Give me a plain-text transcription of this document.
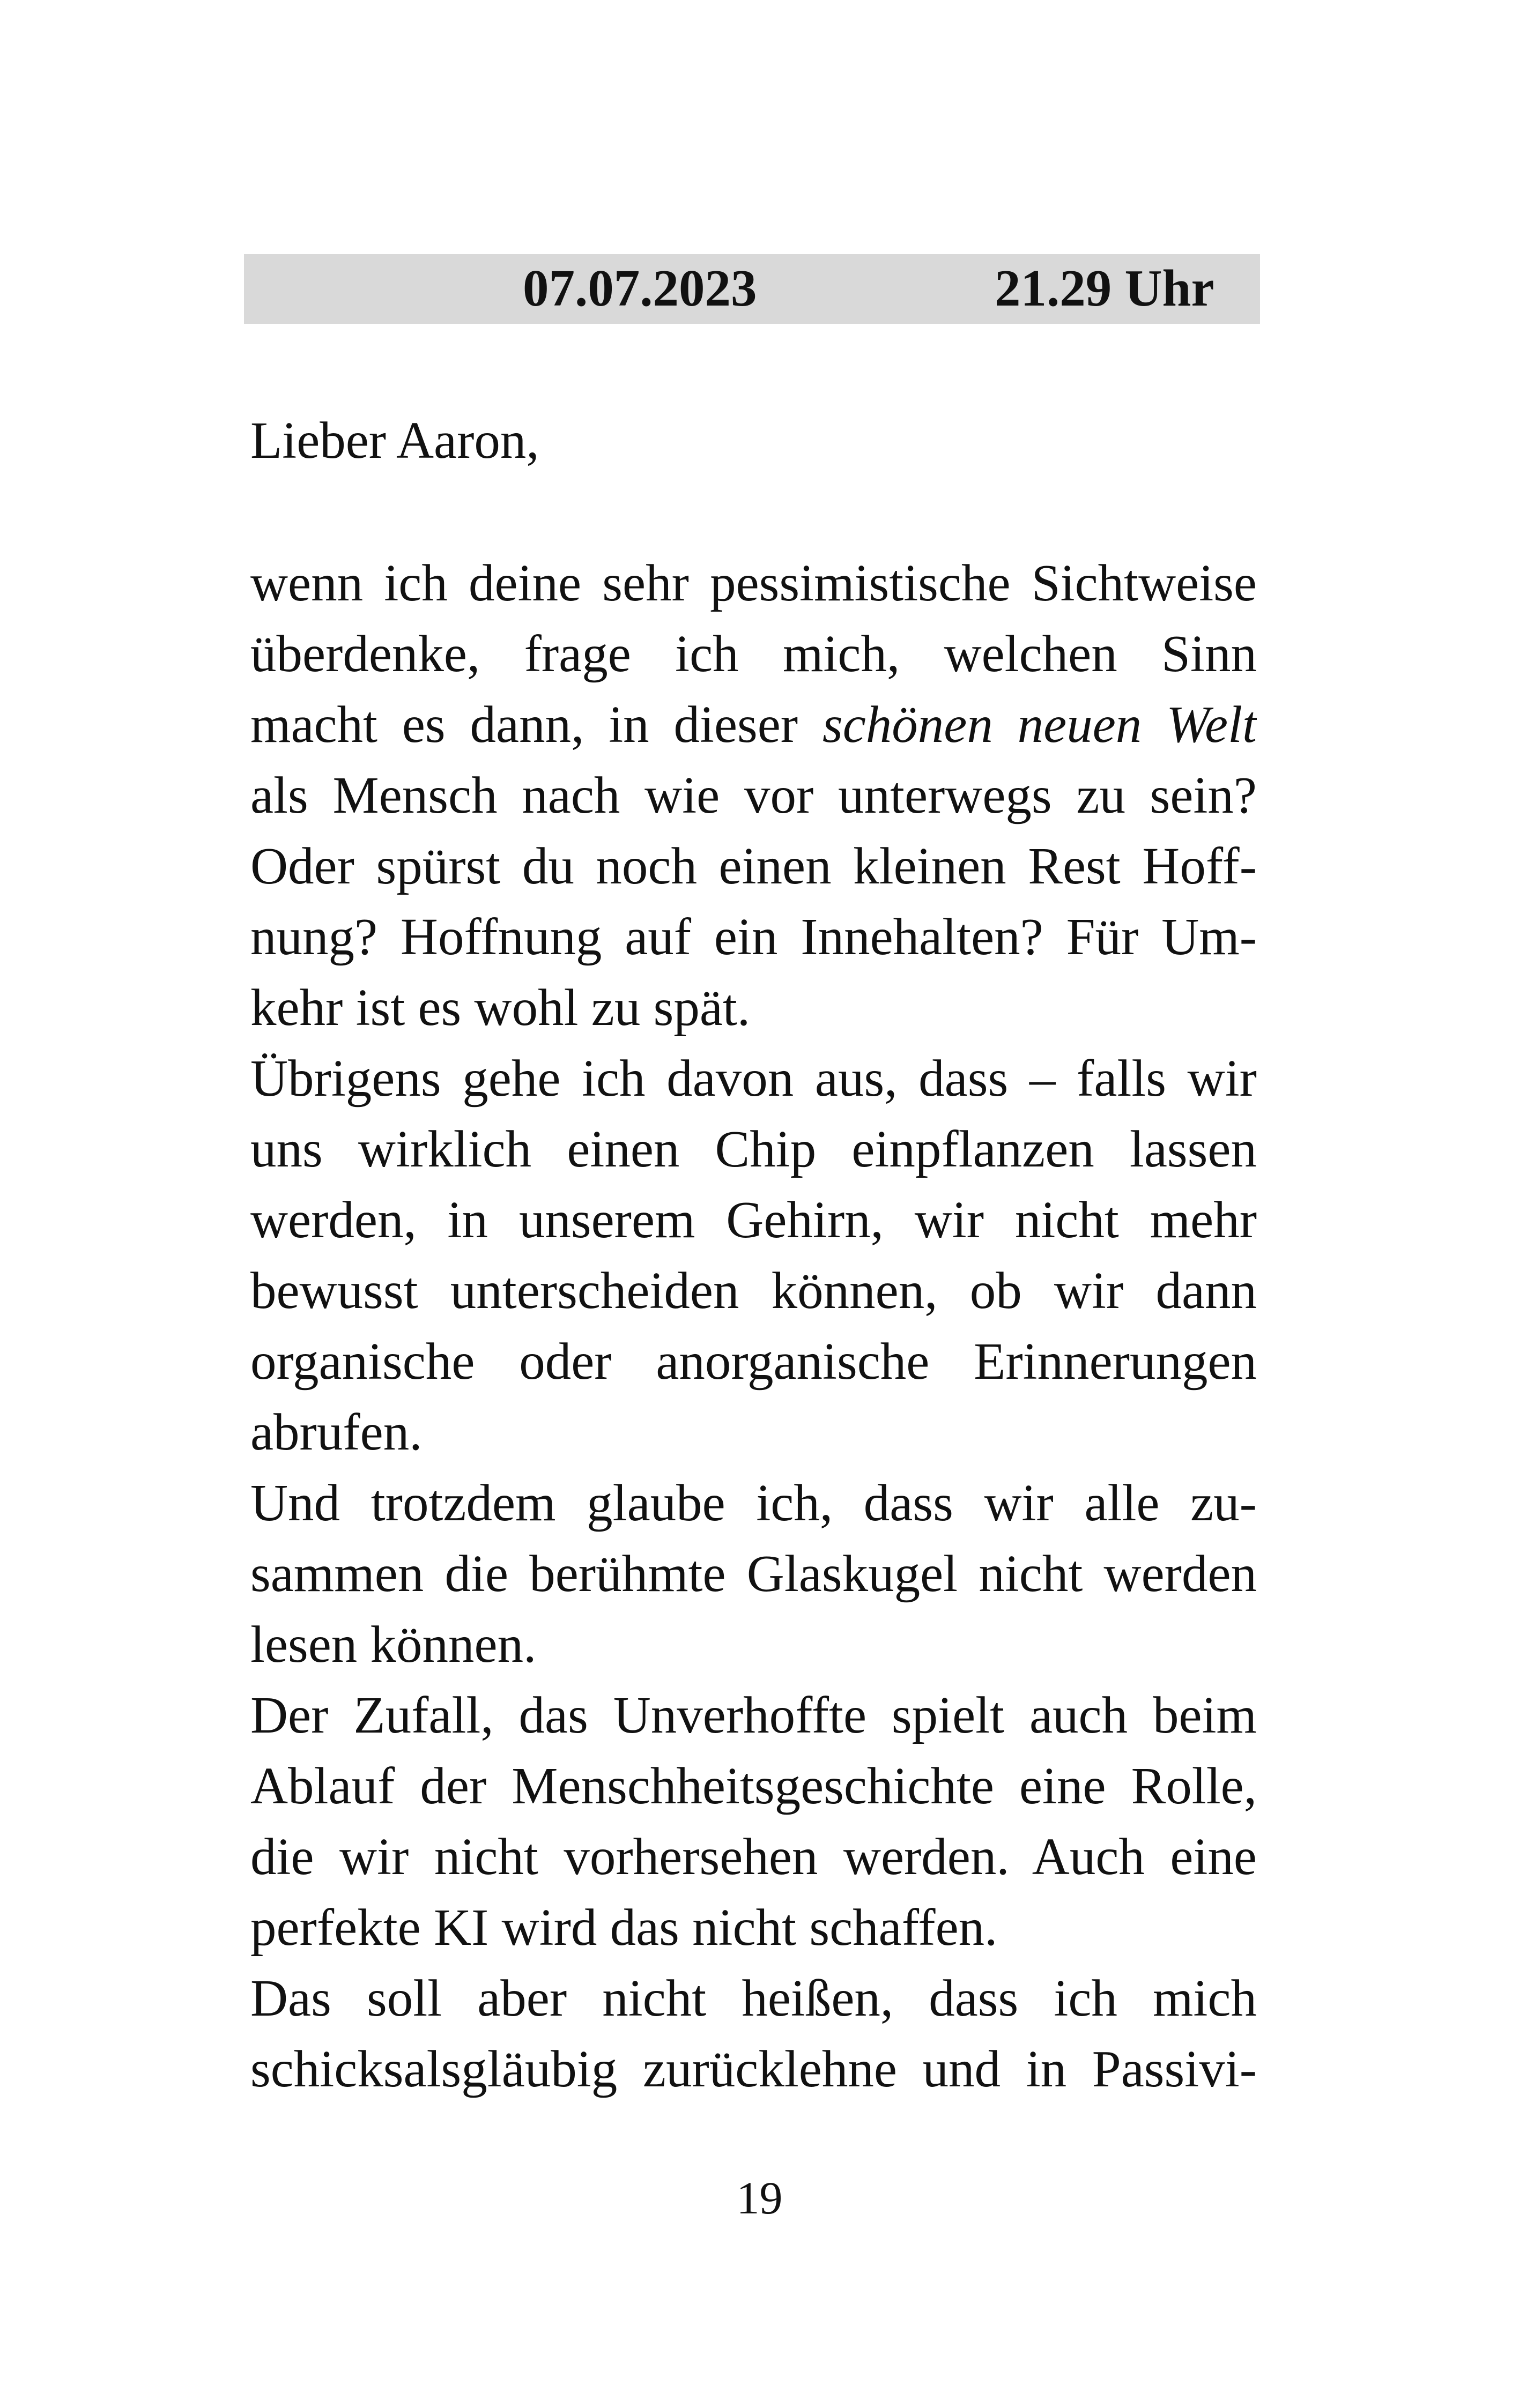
07.07.2023	21.29 Uhr
Lieber Aaron,
wenn ich deine sehr pessimistische Sichtweise
überdenke, frage ich mich, welchen Sinn
macht es dann, in dieser schönen neuen Welt
als Mensch nach wie vor unterwegs zu sein?
Oder spürst du noch einen kleinen Rest Hoff-
nung? Hoffnung auf ein Innehalten? Für Um-
kehr ist es wohl zu spät.
Übrigens gehe ich davon aus, dass – falls wir
uns wirklich einen Chip einpflanzen lassen
werden, in unserem Gehirn, wir nicht mehr
bewusst unterscheiden können, ob wir dann
organische oder anorganische Erinnerungen
abrufen.
Und trotzdem glaube ich, dass wir alle zu-
sammen die berühmte Glaskugel nicht werden
lesen können.
Der Zufall, das Unverhoffte spielt auch beim
Ablauf der Menschheitsgeschichte eine Rolle,
die wir nicht vorhersehen werden. Auch eine
perfekte KI wird das nicht schaffen.
Das soll aber nicht heißen, dass ich mich
schicksalsgläubig zurücklehne und in Passivi-
19
